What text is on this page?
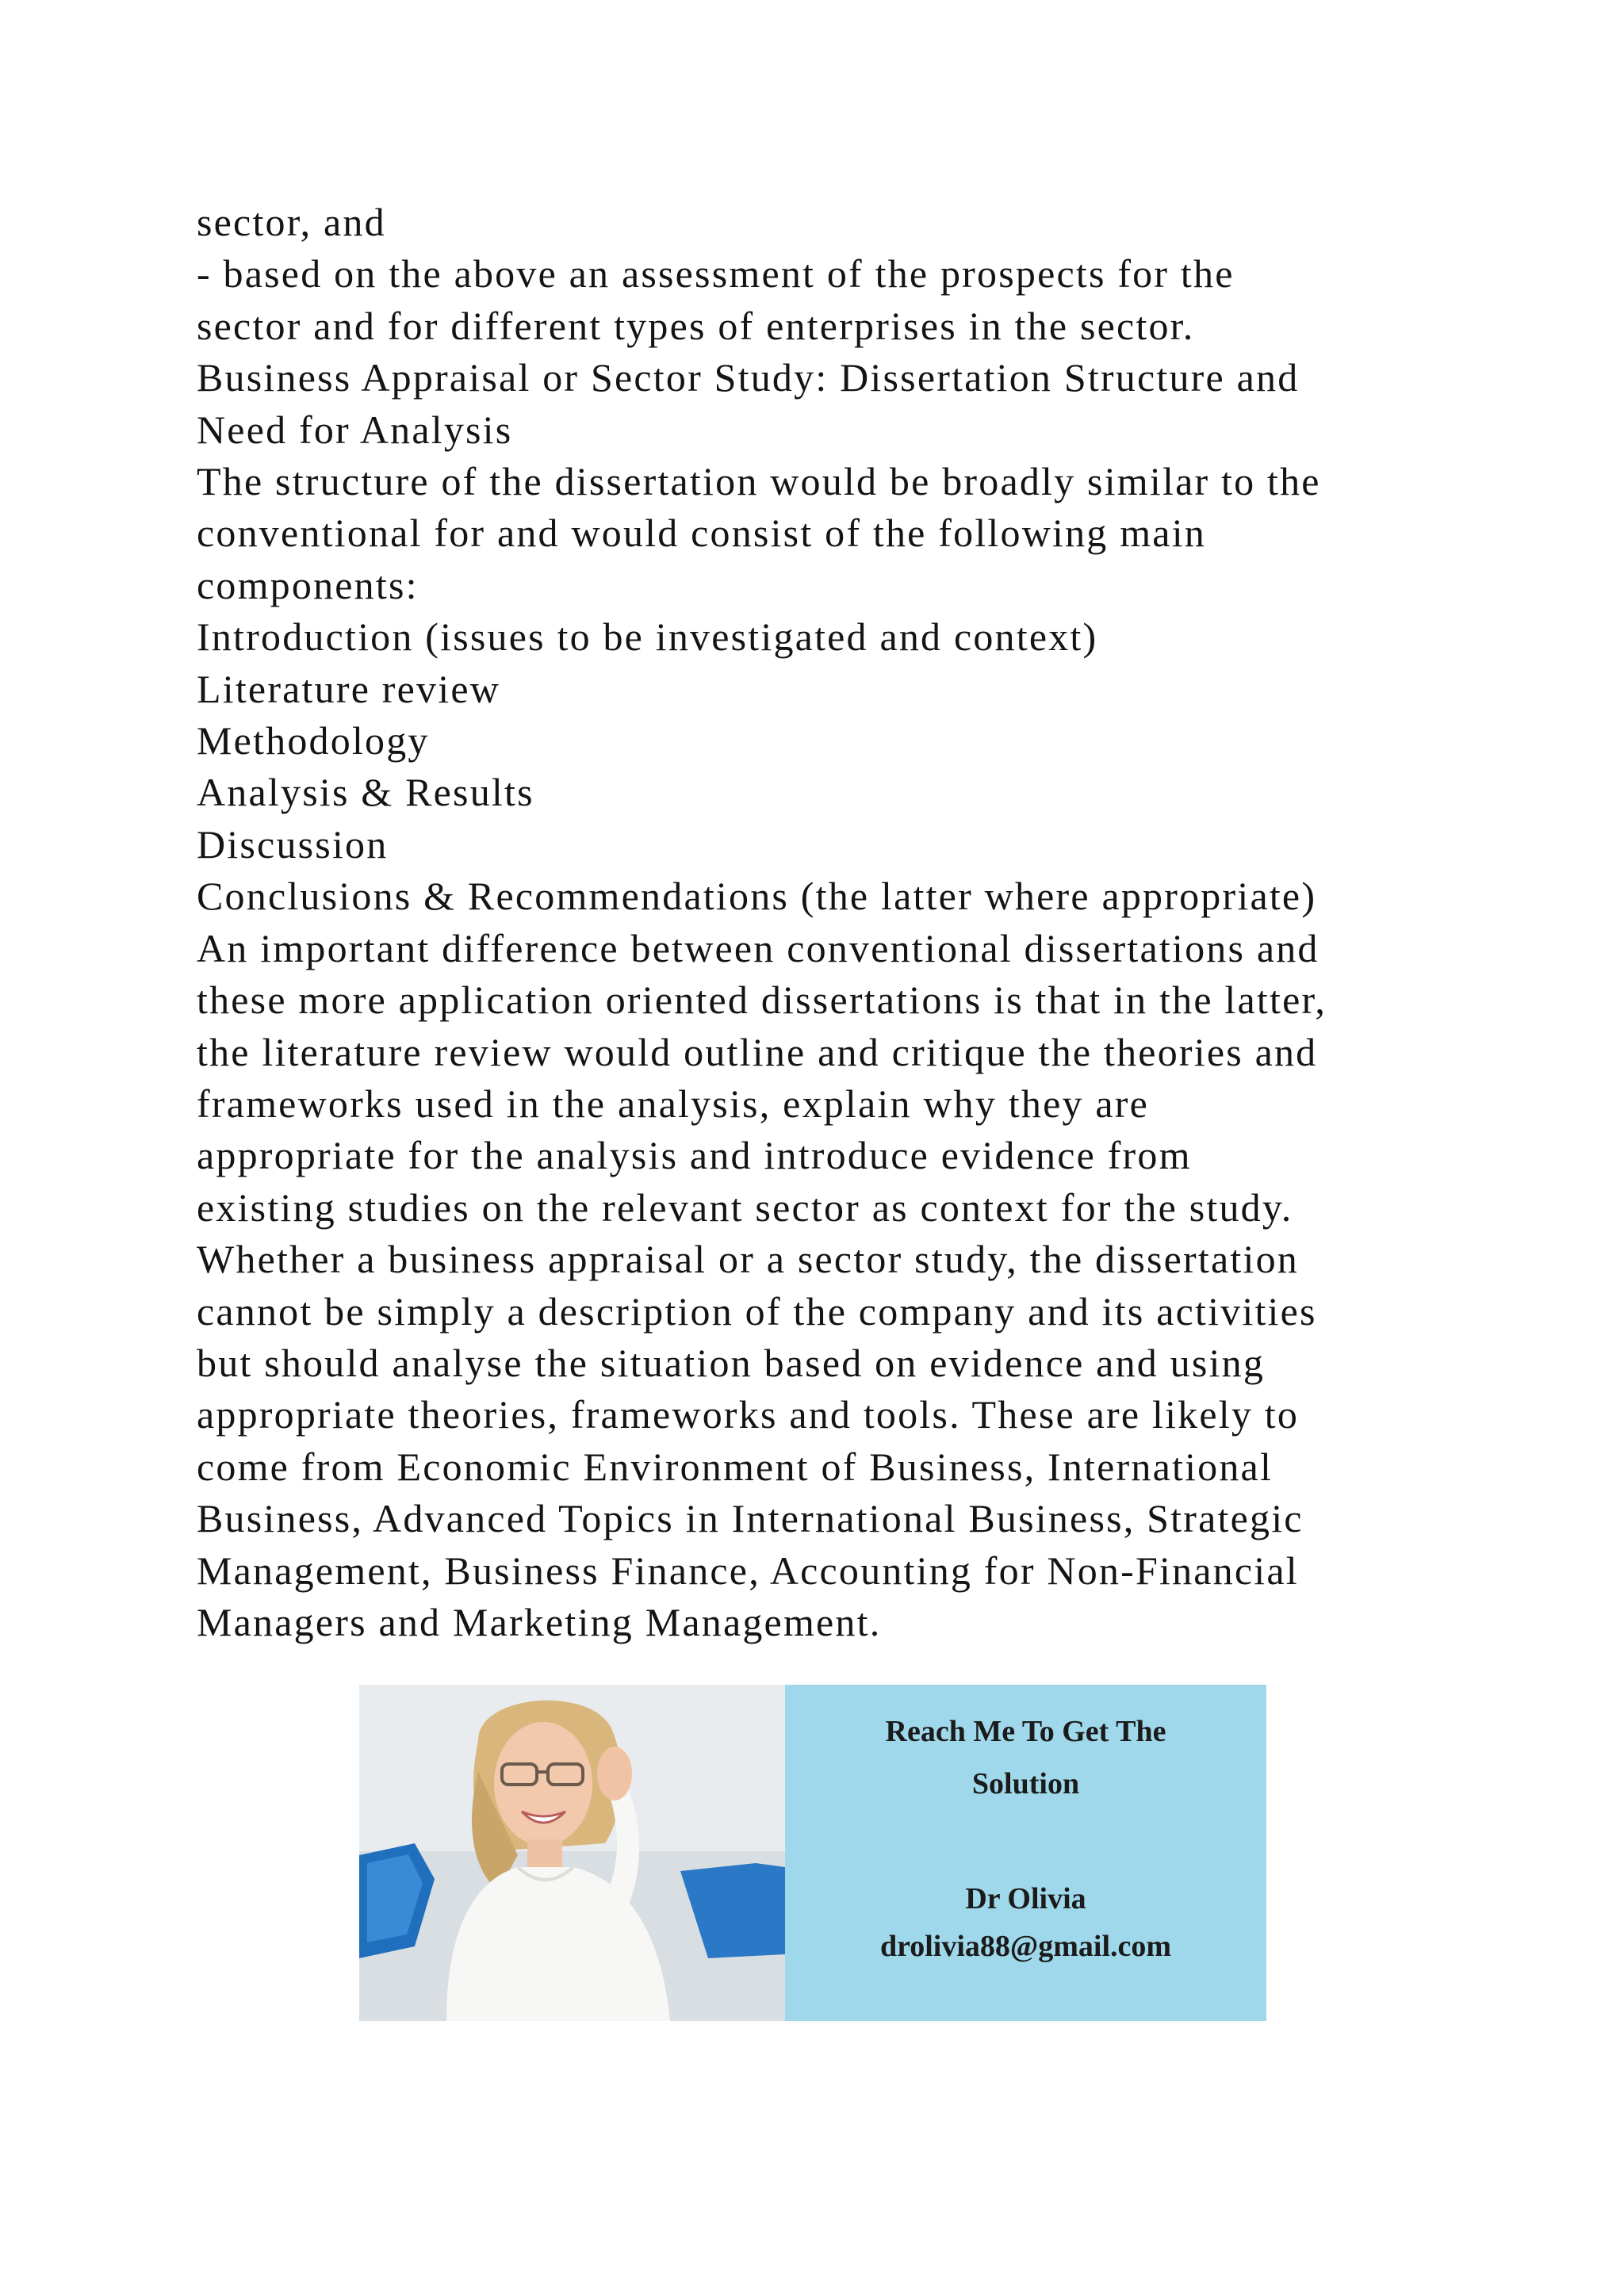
sector, and
- based on the above an assessment of the prospects for the
sector and for different types of enterprises in the sector.
Business Appraisal or Sector Study: Dissertation Structure and
Need for Analysis
The structure of the dissertation would be broadly similar to the
conventional for and would consist of the following main
components:
Introduction (issues to be investigated and context)
Literature review
Methodology
Analysis & Results
Discussion
Conclusions & Recommendations (the latter where appropriate)
An important difference between conventional dissertations and
these more application oriented dissertations is that in the latter,
the literature review would outline and critique the theories and
frameworks used in the analysis, explain why they are
appropriate for the analysis and introduce evidence from
existing studies on the relevant sector as context for the study.
Whether a business appraisal or a sector study, the dissertation
cannot be simply a description of the company and its activities
but should analyse the situation based on evidence and using
appropriate theories, frameworks and tools. These are likely to
come from Economic Environment of Business, International
Business, Advanced Topics in International Business, Strategic
Management, Business Finance, Accounting for Non-Financial
Managers and Marketing Management.
Reach Me To Get The
Solution
Dr Olivia
drolivia88@gmail.com
